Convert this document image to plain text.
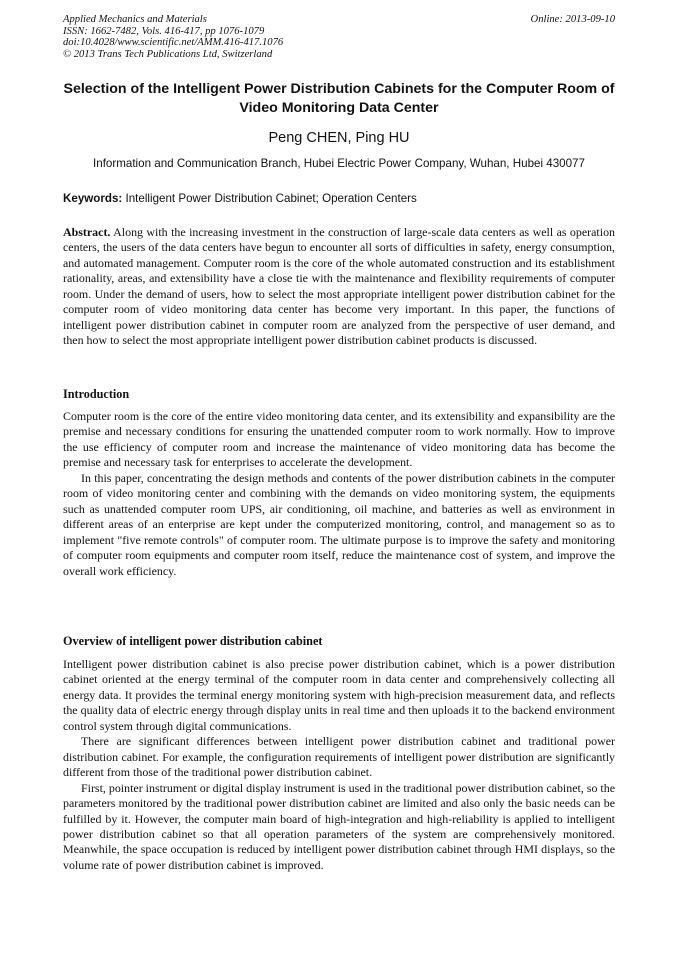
Applied Mechanics and Materials
ISSN: 1662-7482, Vols. 416-417, pp 1076-1079
doi:10.4028/www.scientific.net/AMM.416-417.1076
© 2013 Trans Tech Publications Ltd, Switzerland
Online: 2013-09-10
Selection of the Intelligent Power Distribution Cabinets for the Computer Room of Video Monitoring Data Center
Peng CHEN, Ping HU
Information and Communication Branch, Hubei Electric Power Company, Wuhan, Hubei 430077
Keywords: Intelligent Power Distribution Cabinet; Operation Centers

Abstract. Along with the increasing investment in the construction of large-scale data centers as well as operation centers, the users of the data centers have begun to encounter all sorts of difficulties in safety, energy consumption, and automated management. Computer room is the core of the whole automated construction and its establishment rationality, areas, and extensibility have a close tie with the maintenance and flexibility requirements of computer room. Under the demand of users, how to select the most appropriate intelligent power distribution cabinet for the computer room of video monitoring data center has become very important. In this paper, the functions of intelligent power distribution cabinet in computer room are analyzed from the perspective of user demand, and then how to select the most appropriate intelligent power distribution cabinet products is discussed.

Introduction

Computer room is the core of the entire video monitoring data center, and its extensibility and expansibility are the premise and necessary conditions for ensuring the unattended computer room to work normally. How to improve the use efficiency of computer room and increase the maintenance of video monitoring data has become the premise and necessary task for enterprises to accelerate the development.

In this paper, concentrating the design methods and contents of the power distribution cabinets in the computer room of video monitoring center and combining with the demands on video monitoring system, the equipments such as unattended computer room UPS, air conditioning, oil machine, and batteries as well as environment in different areas of an enterprise are kept under the computerized monitoring, control, and management so as to implement "five remote controls" of computer room. The ultimate purpose is to improve the safety and monitoring of computer room equipments and computer room itself, reduce the maintenance cost of system, and improve the overall work efficiency.

Overview of intelligent power distribution cabinet

Intelligent power distribution cabinet is also precise power distribution cabinet, which is a power distribution cabinet oriented at the energy terminal of the computer room in data center and comprehensively collecting all energy data. It provides the terminal energy monitoring system with high-precision measurement data, and reflects the quality data of electric energy through display units in real time and then uploads it to the backend environment control system through digital communications.

There are significant differences between intelligent power distribution cabinet and traditional power distribution cabinet. For example, the configuration requirements of intelligent power distribution are significantly different from those of the traditional power distribution cabinet.

First, pointer instrument or digital display instrument is used in the traditional power distribution cabinet, so the parameters monitored by the traditional power distribution cabinet are limited and also only the basic needs can be fulfilled by it. However, the computer main board of high-integration and high-reliability is applied to intelligent power distribution cabinet so that all operation parameters of the system are comprehensively monitored. Meanwhile, the space occupation is reduced by intelligent power distribution cabinet through HMI displays, so the volume rate of power distribution cabinet is improved.
